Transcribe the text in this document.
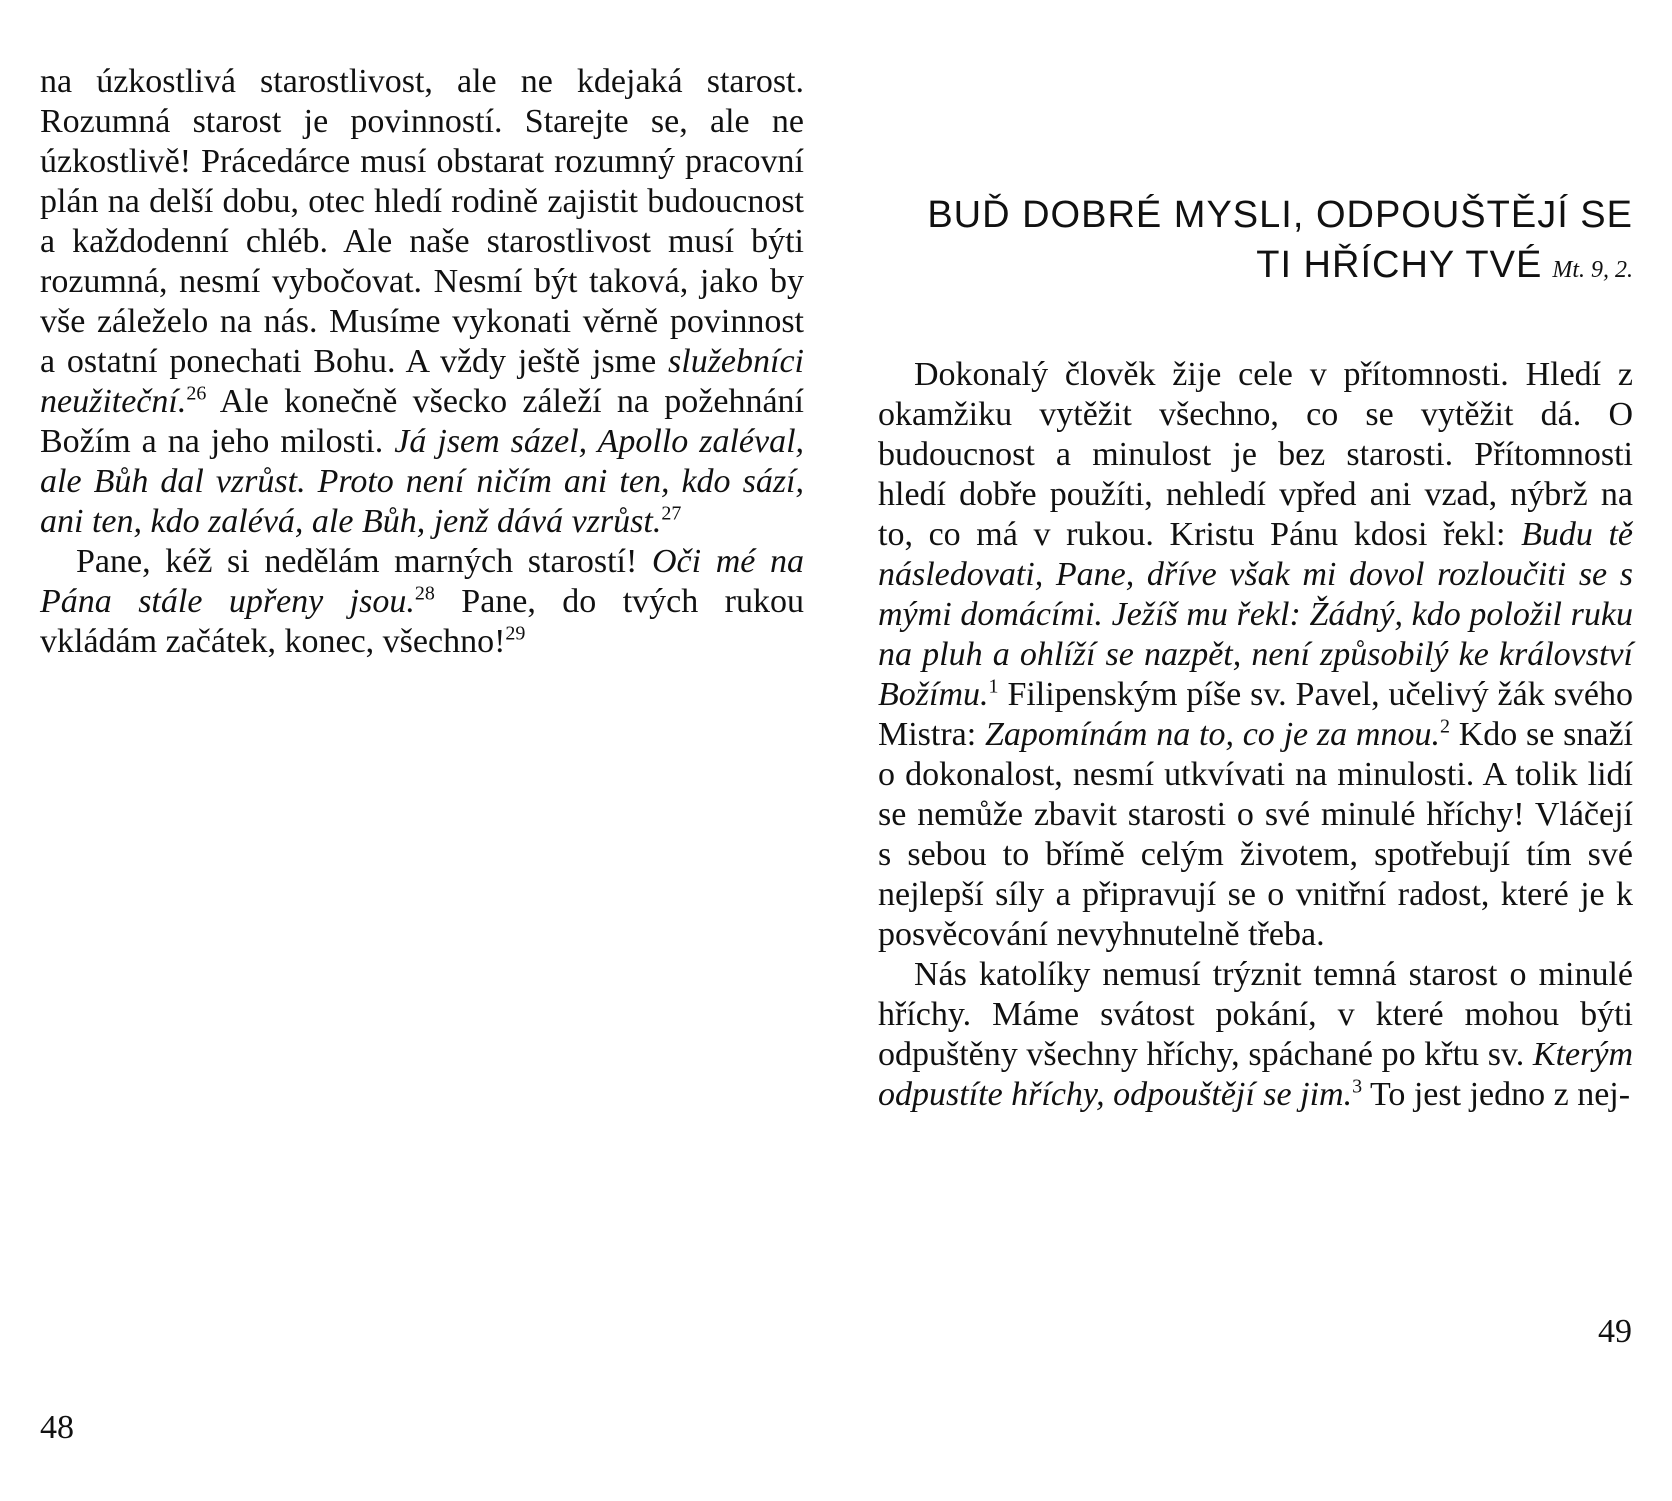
na úzkostlivá starostlivost, ale ne kdejaká starost. Rozumná starost je povinností. Starejte se, ale ne úzkostlivě! Prácedárce musí obstarat rozumný pracovní plán na delší dobu, otec hledí rodině zajistit budoucnost a každodenní chléb. Ale naše starostlivost musí býti rozumná, nesmí vybočovat. Nesmí být taková, jako by vše záleželo na nás. Musíme vykonati věrně povinnost a ostatní ponechati Bohu. A vždy ještě jsme služebníci neužiteční.$^{26}$ Ale konečně všecko záleží na požehnání Božím a na jeho milosti. Já jsem sázel, Apollo zaléval, ale Bůh dal vzrůst. Proto není ničím ani ten, kdo sází, ani ten, kdo zalévá, ale Bůh, jenž dává vzrůst.$^{27}$

Pane, kéž si nedělám marných starostí! Oči mé na Pána stále upřeny jsou.$^{28}$ Pane, do tvých rukou vkládám začátek, konec, všechno!$^{29}$

48
BUĎ DOBRÉ MYSLI, ODPOUŠTĚJÍ SE
TI HŘÍCHY TVÉ Mt. 9, 2.

Dokonalý člověk žije cele v přítomnosti. Hledí z okamžiku vytěžit všechno, co se vytěžit dá. O budoucnost a minulost je bez starosti. Přítomnosti hledí dobře použíti, nehledí vpřed ani vzad, nýbrž na to, co má v rukou. Kristu Pánu kdosi řekl: Budu tě následovati, Pane, dříve však mi dovol rozloučiti se s mými domácími. Ježíš mu řekl: Žádný, kdo položil ruku na pluh a ohlíží se nazpět, není způsobilý ke království Božímu.$^1$ Filipenským píše sv. Pavel, učelivý žák svého Mistra: Zapomínám na to, co je za mnou.$^2$ Kdo se snaží o dokonalost, nesmí utkvívati na minulosti. A tolik lidí se nemůže zbavit starosti o své minulé hříchy! Vláčejí s sebou to břímě celým životem, spotřebují tím své nejlepší síly a připravují se o vnitřní radost, které je k posvěcování nevyhnutelně třeba.

Nás katolíky nemusí trýznit temná starost o minulé hříchy. Máme svátost pokání, v které mohou býti odpuštěny všechny hříchy, spáchané po křtu sv. Kterým odpustíte hříchy, odpouštějí se jim.$^3$ To jest jedno z nej-

49
